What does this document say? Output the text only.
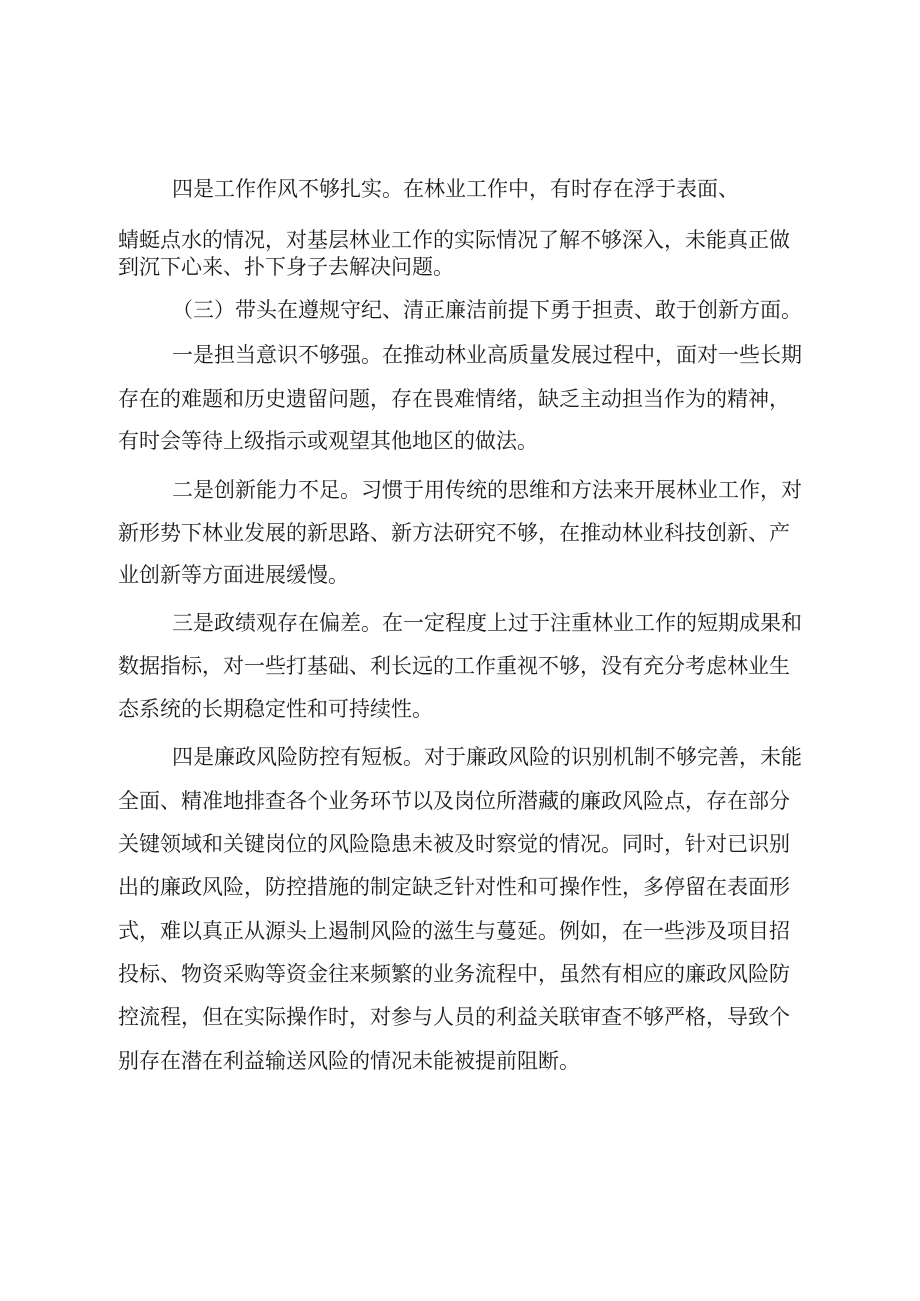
四是工作作风不够扎实。在林业工作中，有时存在浮于表面、

蜻蜓点水的情况，对基层林业工作的实际情况了解不够深入，未能真正做

到沉下心来、扑下身子去解决问题。

（三）带头在遵规守纪、清正廉洁前提下勇于担责、敢于创新方面。

一是担当意识不够强。在推动林业高质量发展过程中，面对一些长期

存在的难题和历史遗留问题，存在畏难情绪，缺乏主动担当作为的精神，

有时会等待上级指示或观望其他地区的做法。

二是创新能力不足。习惯于用传统的思维和方法来开展林业工作，对

新形势下林业发展的新思路、新方法研究不够，在推动林业科技创新、产

业创新等方面进展缓慢。

三是政绩观存在偏差。在一定程度上过于注重林业工作的短期成果和

数据指标，对一些打基础、利长远的工作重视不够，没有充分考虑林业生

态系统的长期稳定性和可持续性。

四是廉政风险防控有短板。对于廉政风险的识别机制不够完善，未能

全面、精准地排查各个业务环节以及岗位所潜藏的廉政风险点，存在部分

关键领域和关键岗位的风险隐患未被及时察觉的情况。同时，针对已识别

出的廉政风险，防控措施的制定缺乏针对性和可操作性，多停留在表面形

式，难以真正从源头上遏制风险的滋生与蔓延。例如，在一些涉及项目招

投标、物资采购等资金往来频繁的业务流程中，虽然有相应的廉政风险防

控流程，但在实际操作时，对参与人员的利益关联审查不够严格，导致个

别存在潜在利益输送风险的情况未能被提前阻断。
